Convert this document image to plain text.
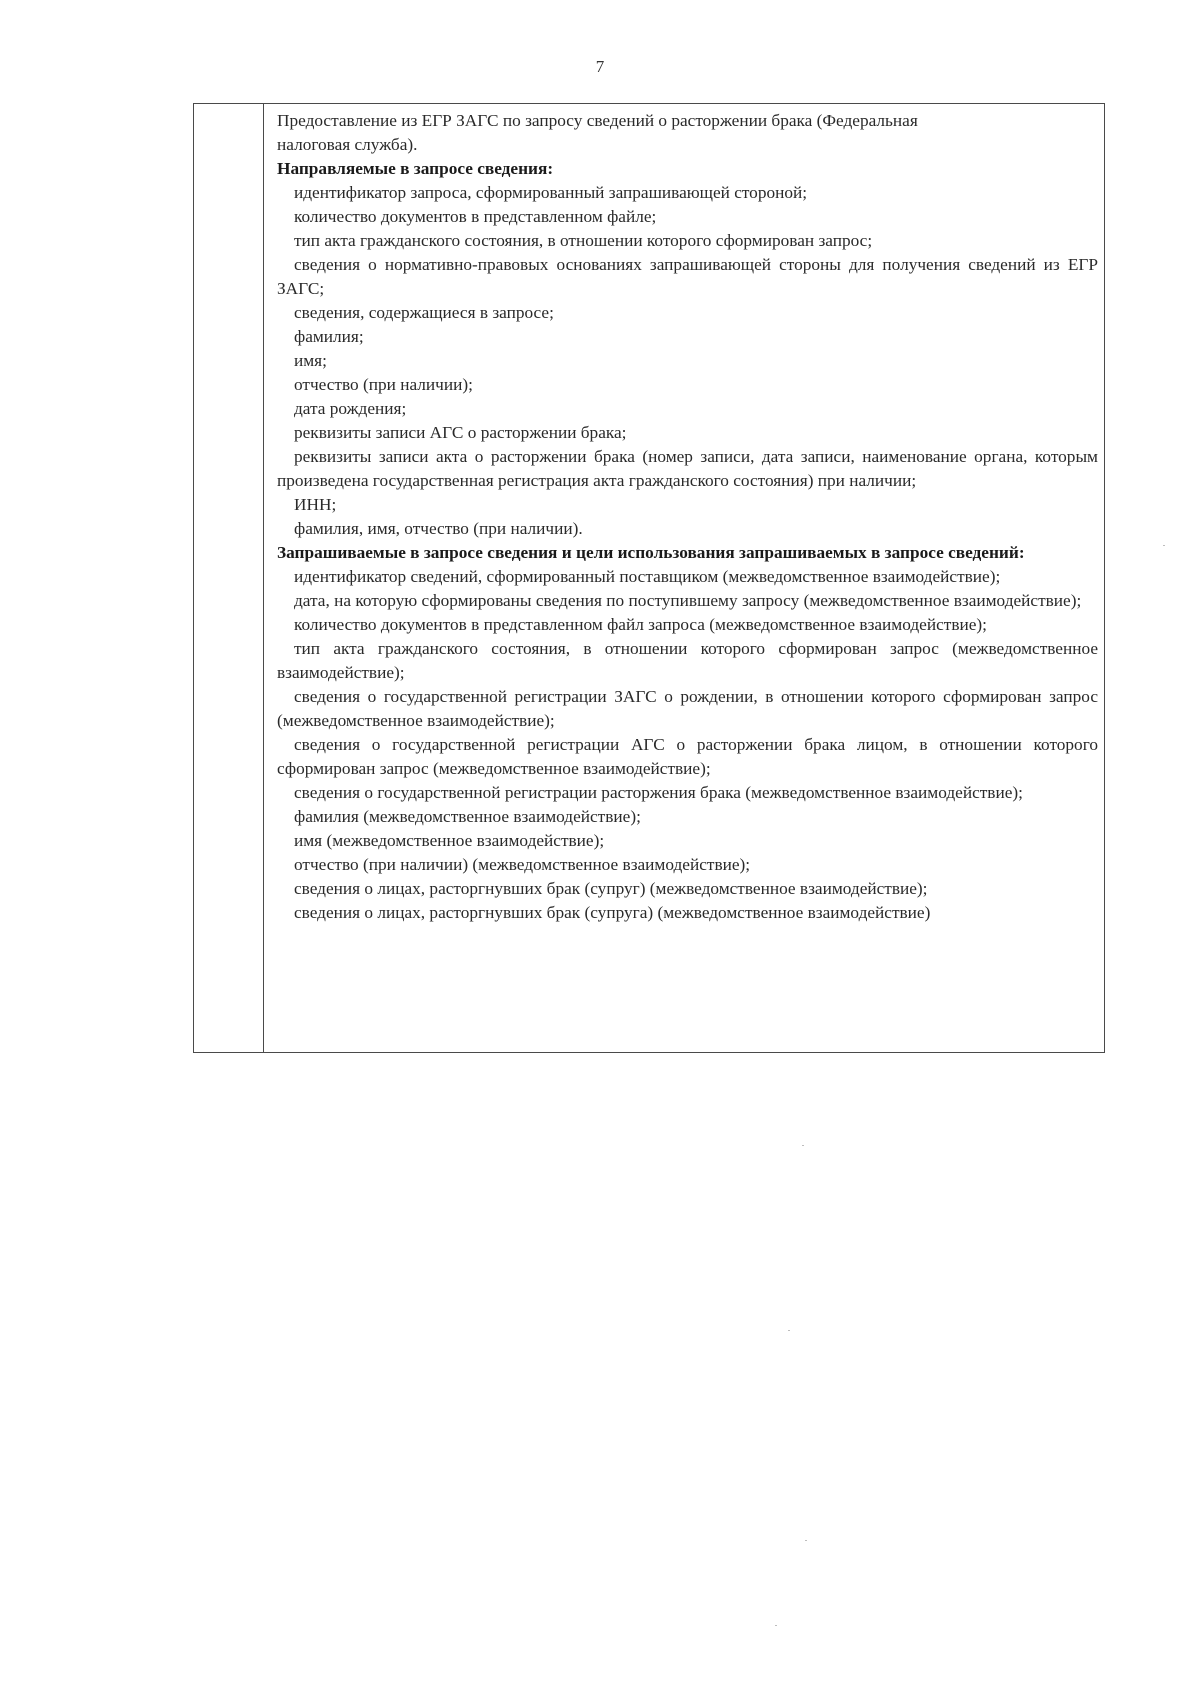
7

Предоставление из ЕГР ЗАГС по запросу сведений о расторжении брака (Федеральная

налоговая служба).

Направляемые в запросе сведения:

идентификатор запроса, сформированный запрашивающей стороной;

количество документов в представленном файле;

тип акта гражданского состояния, в отношении которого сформирован запрос;

сведения о нормативно-правовых основаниях запрашивающей стороны для получения сведений из ЕГР ЗАГС;

сведения, содержащиеся в запросе;

фамилия;

имя;

отчество (при наличии);

дата рождения;

реквизиты записи АГС о расторжении брака;

реквизиты записи акта о расторжении брака (номер записи, дата записи, наименование органа, которым произведена государственная регистрация акта гражданского состояния) при наличии;

ИНН;

фамилия, имя, отчество (при наличии).

Запрашиваемые в запросе сведения и цели использования запрашиваемых в запросе сведений:

идентификатор сведений, сформированный поставщиком (межведомственное взаимодействие);

дата, на которую сформированы сведения по поступившему запросу (межведомственное взаимодействие);

количество документов в представленном файл запроса (межведомственное взаимодействие);

тип акта гражданского состояния, в отношении которого сформирован запрос (межведомственное взаимодействие);

сведения о государственной регистрации ЗАГС о рождении, в отношении которого сформирован запрос (межведомственное взаимодействие);

сведения о государственной регистрации АГС о расторжении брака лицом, в отношении которого сформирован запрос (межведомственное взаимодействие);

сведения о государственной регистрации расторжения брака (межведомственное взаимодействие);

фамилия (межведомственное взаимодействие);

имя (межведомственное взаимодействие);

отчество (при наличии) (межведомственное взаимодействие);

сведения о лицах, расторгнувших брак (супруг) (межведомственное взаимодействие);

сведения о лицах, расторгнувших брак (супруга) (межведомственное взаимодействие)
